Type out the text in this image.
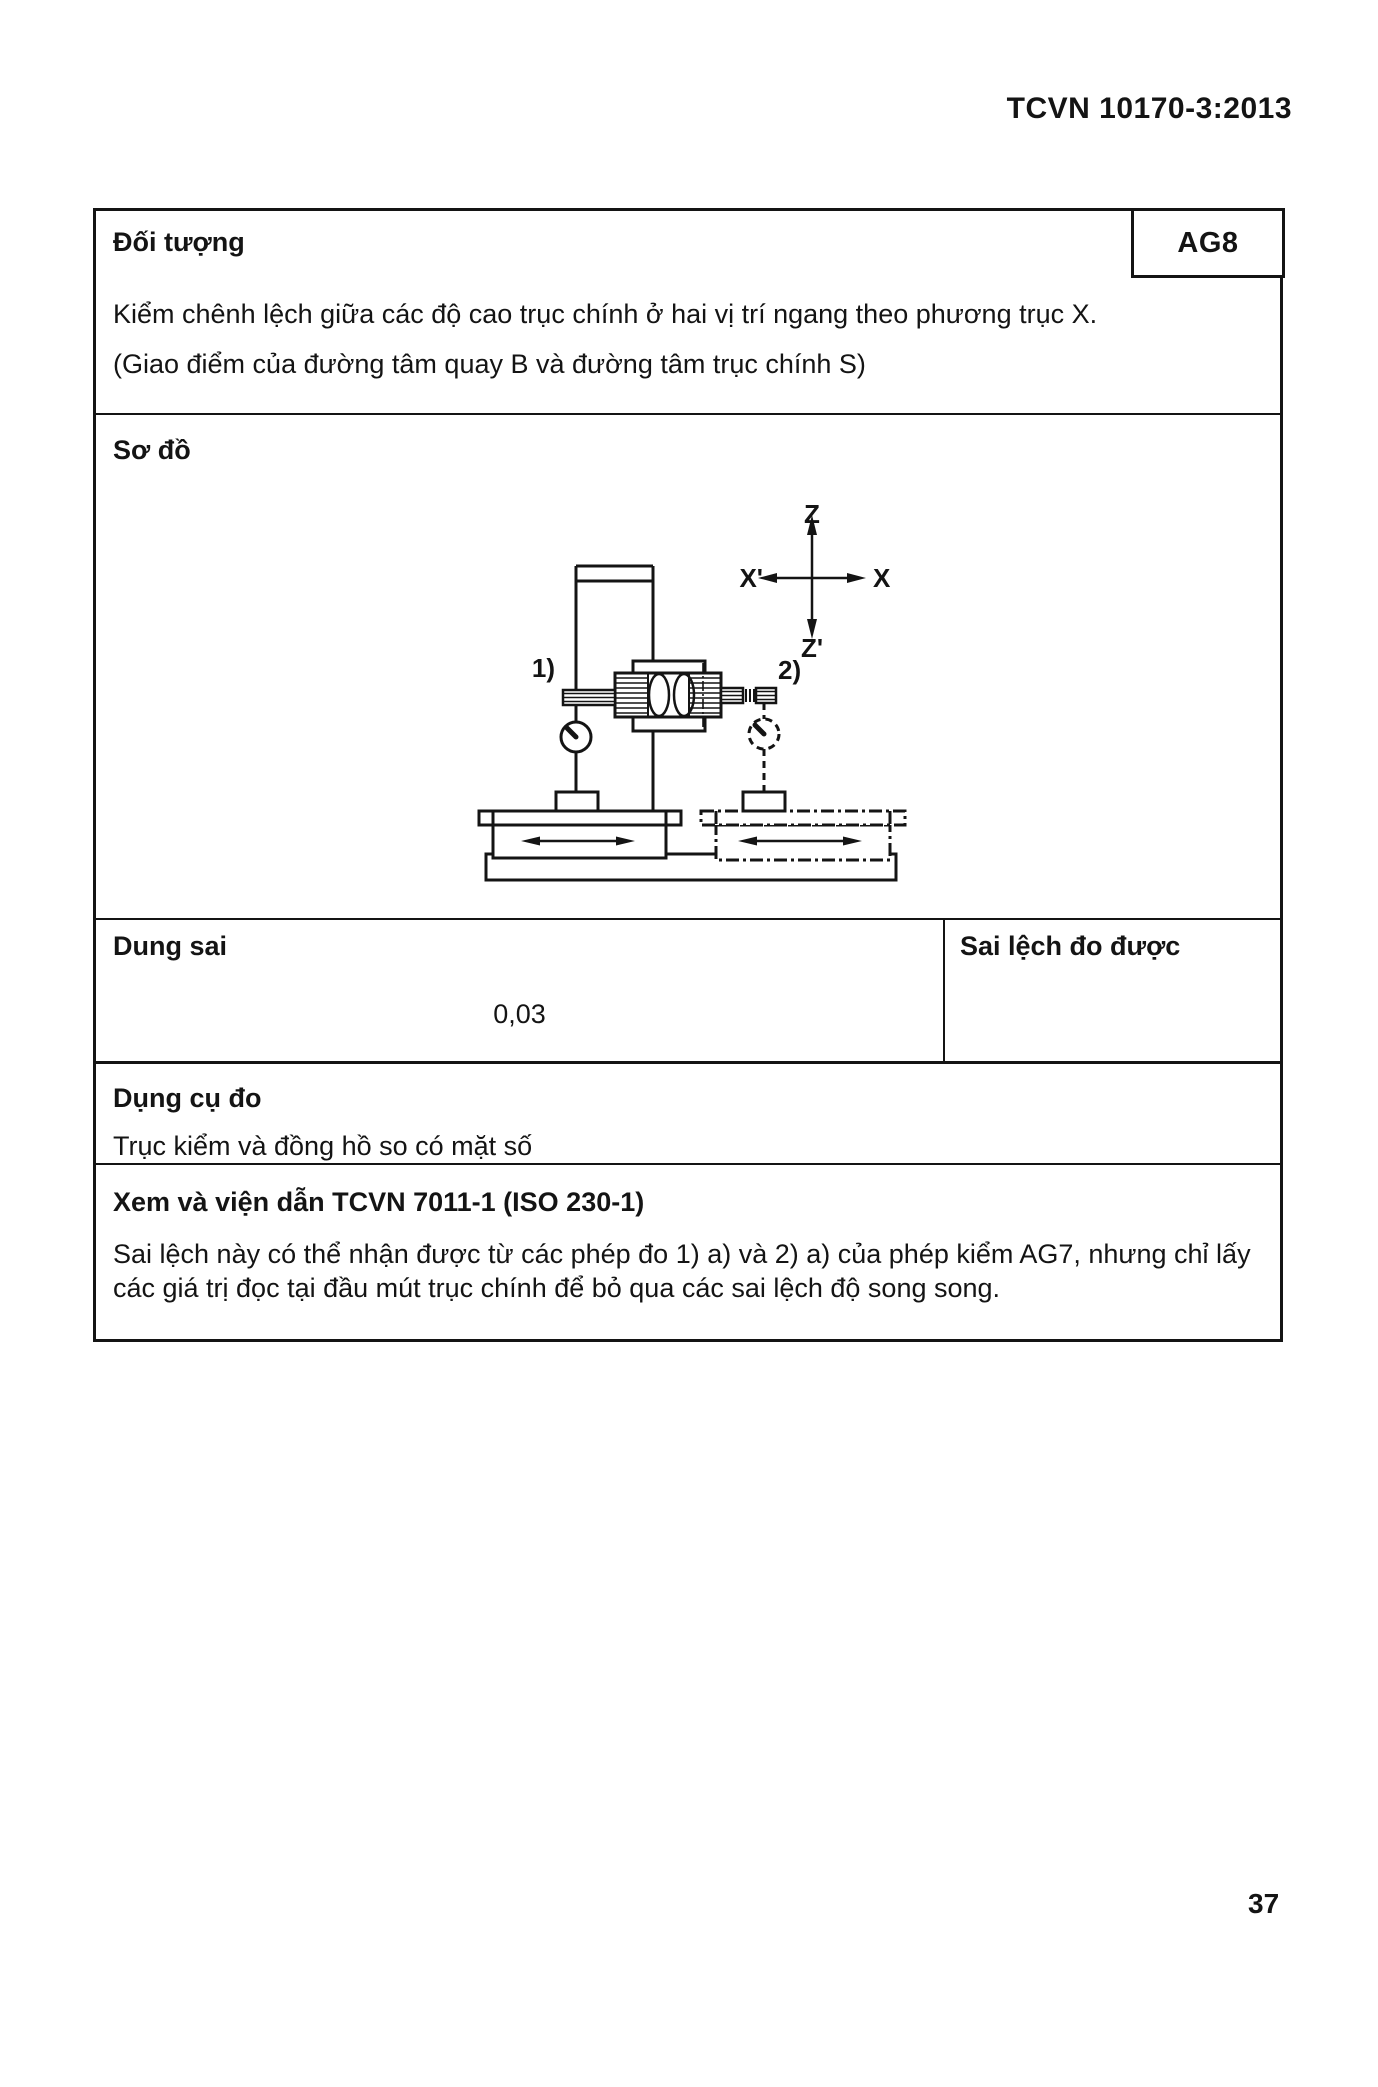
TCVN 10170-3:2013
AG8
Đối tượng
Kiểm chênh lệch giữa các độ cao trục chính ở hai vị trí ngang theo phương trục X.
(Giao điểm của đường tâm quay B và đường tâm trục chính S)
Sơ đồ
Z
Z'
X'	X
1)	2)
Dung sai
0,03
Sai lệch đo được
Dụng cụ đo
Trục kiểm và đồng hồ so có mặt số
Xem và viện dẫn TCVN 7011-1 (ISO 230-1)
Sai lệch này có thể nhận được từ các phép đo 1) a) và 2) a) của phép kiểm AG7, nhưng chỉ lấy các giá trị đọc tại đầu mút trục chính để bỏ qua các sai lệch độ song song.
37
